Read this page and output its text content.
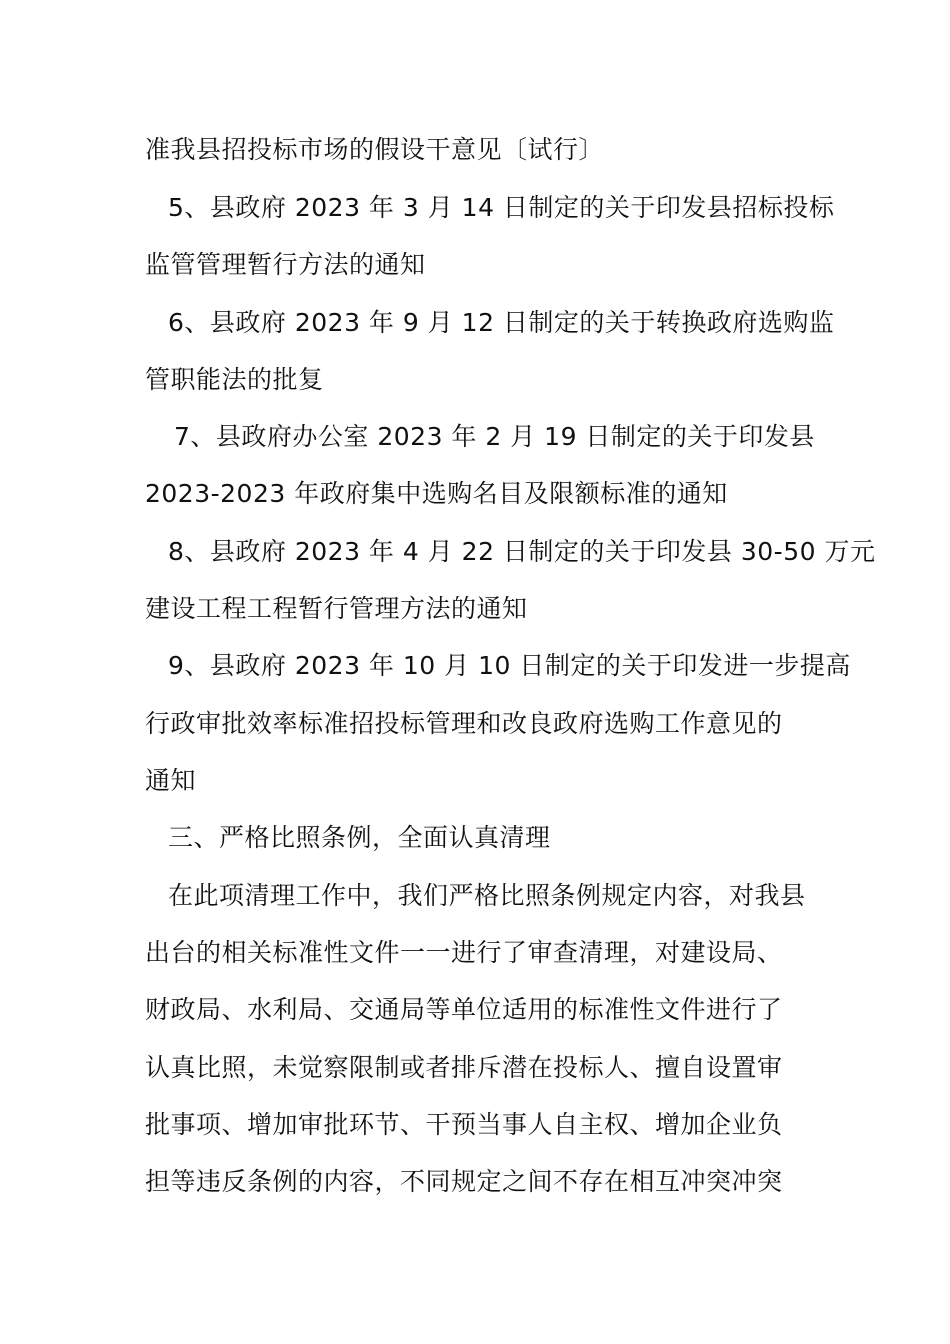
准我县招投标市场的假设干意见〔试行〕
5、县政府 2023 年 3 月 14 日制定的关于印发县招标投标
监管管理暂行方法的通知
6、县政府 2023 年 9 月 12 日制定的关于转换政府选购监
管职能法的批复
7、县政府办公室 2023 年 2 月 19 日制定的关于印发县
2023-2023 年政府集中选购名目及限额标准的通知
8、县政府 2023 年 4 月 22 日制定的关于印发县 30-50 万元
建设工程工程暂行管理方法的通知
9、县政府 2023 年 10 月 10 日制定的关于印发进一步提高
行政审批效率标准招投标管理和改良政府选购工作意见的
通知
三、严格比照条例，全面认真清理
在此项清理工作中，我们严格比照条例规定内容，对我县
出台的相关标准性文件一一进行了审查清理，对建设局、
财政局、水利局、交通局等单位适用的标准性文件进行了
认真比照，未觉察限制或者排斥潜在投标人、擅自设置审
批事项、增加审批环节、干预当事人自主权、增加企业负
担等违反条例的内容，不同规定之间不存在相互冲突冲突
